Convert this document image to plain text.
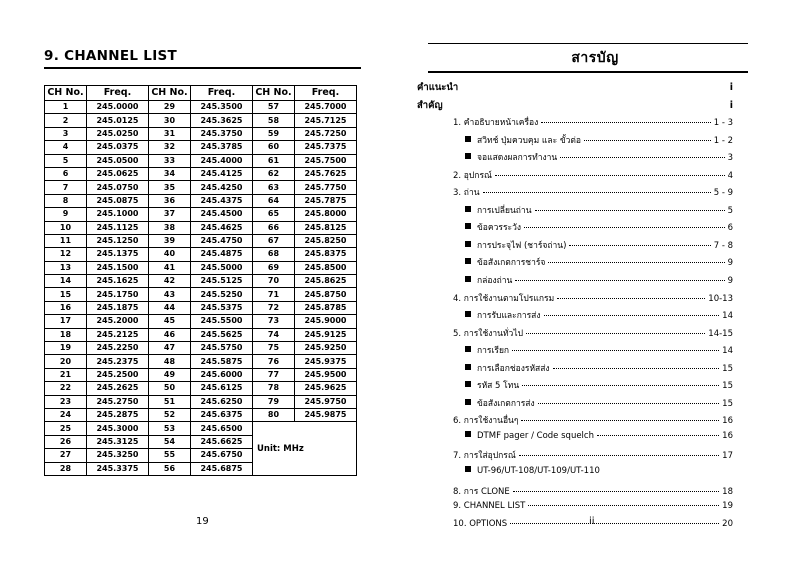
9. CHANNEL LIST
CH No.	Freq.	CH No.	Freq.	CH No.	Freq.
1	245.0000	29	245.3500	57	245.7000
2	245.0125	30	245.3625	58	245.7125
3	245.0250	31	245.3750	59	245.7250
4	245.0375	32	245.3785	60	245.7375
5	245.0500	33	245.4000	61	245.7500
6	245.0625	34	245.4125	62	245.7625
7	245.0750	35	245.4250	63	245.7750
8	245.0875	36	245.4375	64	245.7875
9	245.1000	37	245.4500	65	245.8000
10	245.1125	38	245.4625	66	245.8125
11	245.1250	39	245.4750	67	245.8250
12	245.1375	40	245.4875	68	245.8375
13	245.1500	41	245.5000	69	245.8500
14	245.1625	42	245.5125	70	245.8625
15	245.1750	43	245.5250	71	245.8750
16	245.1875	44	245.5375	72	245.8785
17	245.2000	45	245.5500	73	245.9000
18	245.2125	46	245.5625	74	245.9125
19	245.2250	47	245.5750	75	245.9250
20	245.2375	48	245.5875	76	245.9375
21	245.2500	49	245.6000	77	245.9500
22	245.2625	50	245.6125	78	245.9625
23	245.2750	51	245.6250	79	245.9750
24	245.2875	52	245.6375	80	245.9875
25	245.3000	53	245.6500	Unit: MHz	
26	245.3125	54	245.6625		
27	245.3250	55	245.6750		
28	245.3375	56	245.6875		
19
สารบัญ
คำแนะนำ	i
สำคัญ	i
1. คำอธิบายหน้าเครื่อง	1 - 3
สวิทช์ ปุ่มควบคุม และ ขั้วต่อ	1 - 2
จอแสดงผลการทำงาน	3
2. อุปกรณ์	4
3. ถ่าน	5 - 9
การเปลี่ยนถ่าน	5
ข้อควรระวัง	6
การประจุไฟ (ชาร์จถ่าน)	7 - 8
ข้อสังเกตการชาร์จ	9
กล่องถ่าน	9
4. การใช้งานตามโปรแกรม	10-13
การรับและการส่ง	14
5. การใช้งานทั่วไป	14-15
การเรียก	14
การเลือกช่องรหัสส่ง	15
รหัส 5 โทน	15
ข้อสังเกตการส่ง	15
6. การใช้งานอื่นๆ	16
DTMF pager / Code squelch	16
7. การใส่อุปกรณ์	17
UT-96/UT-108/UT-109/UT-110
8. การ CLONE	18
9. CHANNEL LIST	19
10. OPTIONS	20
ii
